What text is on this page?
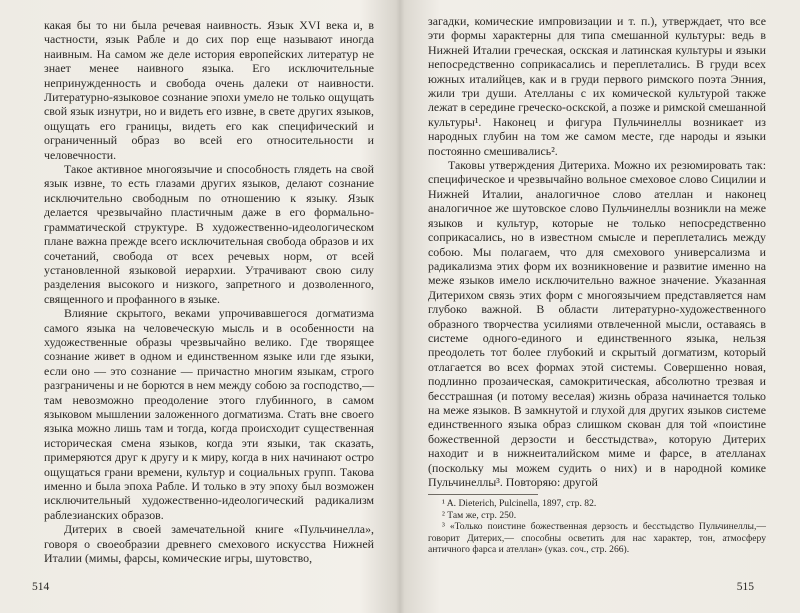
какая бы то ни была речевая наивность. Язык XVI века и, в частности, язык Рабле и до сих пор еще называют иногда наивным. На самом же деле история европейских литератур не знает менее наивного языка. Его исключительные непринужденность и свобода очень далеки от наивности. Литературно-языковое сознание эпохи умело не только ощущать свой язык изнутри, но и видеть его извне, в свете других языков, ощущать его границы, видеть его как специфический и ограниченный образ во всей его относительности и человечности.

Такое активное многоязычие и способность глядеть на свой язык извне, то есть глазами других языков, делают сознание исключительно свободным по отношению к языку. Язык делается чрезвычайно пластичным даже в его формально-грамматической структуре. В художественно-идеологическом плане важна прежде всего исключительная свобода образов и их сочетаний, свобода от всех речевых норм, от всей установленной языковой иерархии. Утрачивают свою силу разделения высокого и низкого, запретного и дозволенного, священного и профанного в языке.

Влияние скрытого, веками упрочивавшегося догматизма самого языка на человеческую мысль и в особенности на художественные образы чрезвычайно велико. Где творящее сознание живет в одном и единственном языке или где языки, если оно — это сознание — причастно многим языкам, строго разграничены и не борются в нем между собою за господство,— там невозможно преодоление этого глубинного, в самом языковом мышлении заложенного догматизма. Стать вне своего языка можно лишь там и тогда, когда происходит существенная историческая смена языков, когда эти языки, так сказать, примеряются друг к другу и к миру, когда в них начинают остро ощущаться грани времени, культур и социальных групп. Такова именно и была эпоха Рабле. И только в эту эпоху был возможен исключительный художественно-идеологический радикализм раблезианских образов.

Дитерих в своей замечательной книге «Пульчинелла», говоря о своеобразии древнего смехового искусства Нижней Италии (мимы, фарсы, комические игры, шутовство,

514

загадки, комические импровизации и т. п.), утверждает, что все эти формы характерны для типа смешанной культуры: ведь в Нижней Италии греческая, оскская и латинская культуры и языки непосредственно соприкасались и переплетались. В груди всех южных италийцев, как и в груди первого римского поэта Энния, жили три души. Ателланы с их комической культурой также лежат в середине греческо-оскской, а позже и римской смешанной культуры¹. Наконец и фигура Пульчинеллы возникает из народных глубин на том же самом месте, где народы и языки постоянно смешивались².

Таковы утверждения Дитериха. Можно их резюмировать так: специфическое и чрезвычайно вольное смеховое слово Сицилии и Нижней Италии, аналогичное слово ателлан и наконец аналогичное же шутовское слово Пульчинеллы возникли на меже языков и культур, которые не только непосредственно соприкасались, но в известном смысле и переплетались между собою. Мы полагаем, что для смехового универсализма и радикализма этих форм их возникновение и развитие именно на меже языков имело исключительно важное значение. Указанная Дитерихом связь этих форм с многоязычием представляется нам глубоко важной. В области литературно-художественного образного творчества усилиями отвлеченной мысли, оставаясь в системе одного-единого и единственного языка, нельзя преодолеть тот более глубокий и скрытый догматизм, который отлагается во всех формах этой системы. Совершенно новая, подлинно прозаическая, самокритическая, абсолютно трезвая и бесстрашная (и потому веселая) жизнь образа начинается только на меже языков. В замкнутой и глухой для других языков системе единственного языка образ слишком скован для той «поистине божественной дерзости и бесстыдства», которую Дитерих находит и в нижнеиталийском миме и фарсе, в ателланах (поскольку мы можем судить о них) и в народной комике Пульчинеллы³. Повторяю: другой

¹ A. Dieterich, Pulcinella, 1897, стр. 82.

² Там же, стр. 250.

³ «Только поистине божественная дерзость и бесстыдство Пульчинеллы,— говорит Дитерих,— способны осветить для нас характер, тон, атмосферу античного фарса и ателлан» (указ. соч., стр. 266).

515
